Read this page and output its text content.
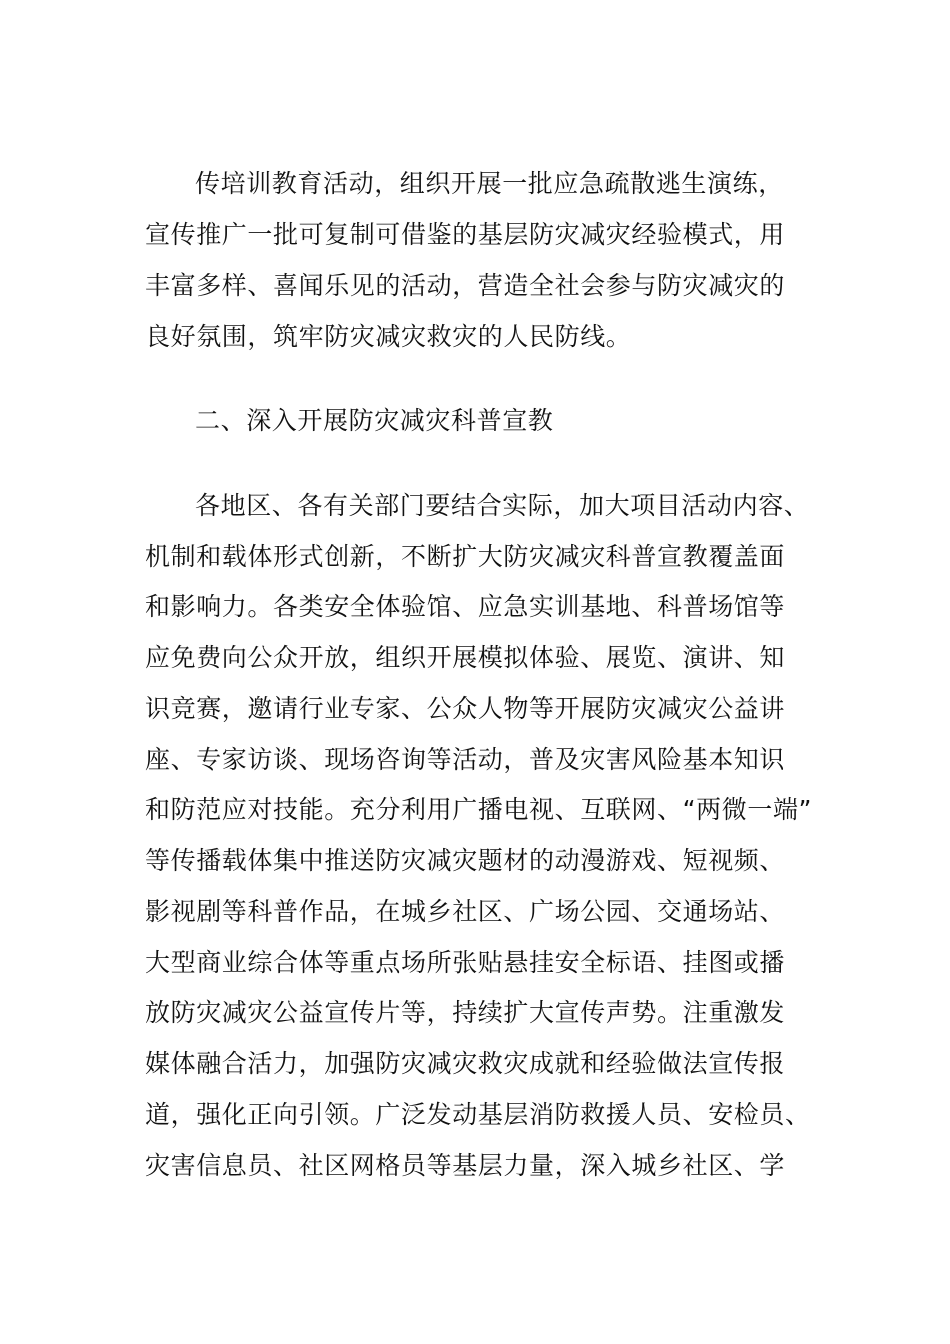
传培训教育活动，组织开展一批应急疏散逃生演练，
宣传推广一批可复制可借鉴的基层防灾减灾经验模式，用
丰富多样、喜闻乐见的活动，营造全社会参与防灾减灾的
良好氛围，筑牢防灾减灾救灾的人民防线。
二、深入开展防灾减灾科普宣教
各地区、各有关部门要结合实际，加大项目活动内容、
机制和载体形式创新，不断扩大防灾减灾科普宣教覆盖面
和影响力。各类安全体验馆、应急实训基地、科普场馆等
应免费向公众开放，组织开展模拟体验、展览、演讲、知
识竞赛，邀请行业专家、公众人物等开展防灾减灾公益讲
座、专家访谈、现场咨询等活动，普及灾害风险基本知识
和防范应对技能。充分利用广播电视、互联网、“两微一端”
等传播载体集中推送防灾减灾题材的动漫游戏、短视频、
影视剧等科普作品，在城乡社区、广场公园、交通场站、
大型商业综合体等重点场所张贴悬挂安全标语、挂图或播
放防灾减灾公益宣传片等，持续扩大宣传声势。注重激发
媒体融合活力，加强防灾减灾救灾成就和经验做法宣传报
道，强化正向引领。广泛发动基层消防救援人员、安检员、
灾害信息员、社区网格员等基层力量，深入城乡社区、学
